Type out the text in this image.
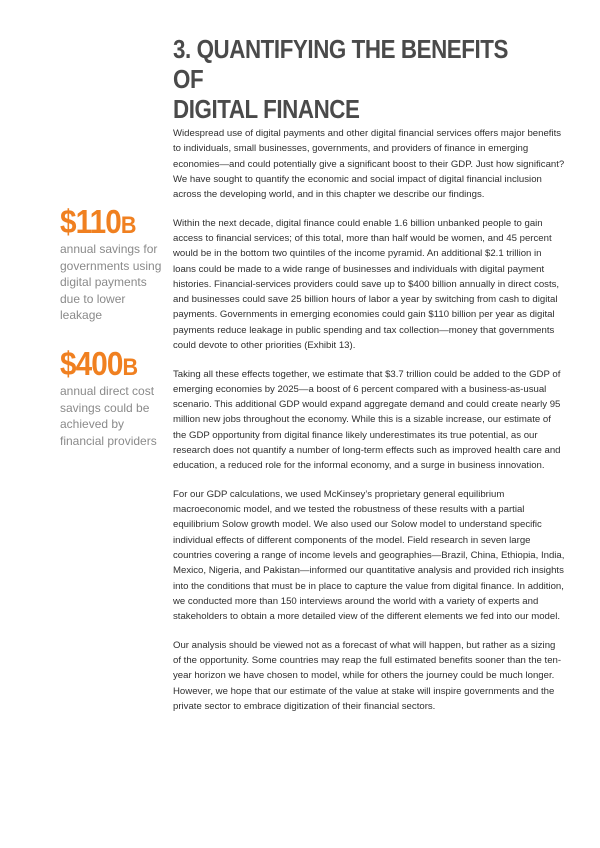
3. QUANTIFYING THE BENEFITS OF
DIGITAL FINANCE
$110B
annual savings for governments using digital payments due to lower leakage
$400B
annual direct cost savings could be achieved by financial providers

Widespread use of digital payments and other digital financial services offers major benefits to individuals, small businesses, governments, and providers of finance in emerging economies—and could potentially give a significant boost to their GDP. Just how significant? We have sought to quantify the economic and social impact of digital financial inclusion across the developing world, and in this chapter we describe our findings.

Within the next decade, digital finance could enable 1.6 billion unbanked people to gain access to financial services; of this total, more than half would be women, and 45 percent would be in the bottom two quintiles of the income pyramid. An additional $2.1 trillion in loans could be made to a wide range of businesses and individuals with digital payment histories. Financial-services providers could save up to $400 billion annually in direct costs, and businesses could save 25 billion hours of labor a year by switching from cash to digital payments. Governments in emerging economies could gain $110 billion per year as digital payments reduce leakage in public spending and tax collection—money that governments could devote to other priorities (Exhibit 13).

Taking all these effects together, we estimate that $3.7 trillion could be added to the GDP of emerging economies by 2025—a boost of 6 percent compared with a business-as-usual scenario. This additional GDP would expand aggregate demand and could create nearly 95 million new jobs throughout the economy. While this is a sizable increase, our estimate of the GDP opportunity from digital finance likely underestimates its true potential, as our research does not quantify a number of long-term effects such as improved health care and education, a reduced role for the informal economy, and a surge in business innovation.

For our GDP calculations, we used McKinsey’s proprietary general equilibrium macroeconomic model, and we tested the robustness of these results with a partial equilibrium Solow growth model. We also used our Solow model to understand specific individual effects of different components of the model. Field research in seven large countries covering a range of income levels and geographies—Brazil, China, Ethiopia, India, Mexico, Nigeria, and Pakistan—informed our quantitative analysis and provided rich insights into the conditions that must be in place to capture the value from digital finance. In addition, we conducted more than 150 interviews around the world with a variety of experts and stakeholders to obtain a more detailed view of the different elements we fed into our model.

Our analysis should be viewed not as a forecast of what will happen, but rather as a sizing of the opportunity. Some countries may reap the full estimated benefits sooner than the ten-year horizon we have chosen to model, while for others the journey could be much longer. However, we hope that our estimate of the value at stake will inspire governments and the private sector to embrace digitization of their financial sectors.
